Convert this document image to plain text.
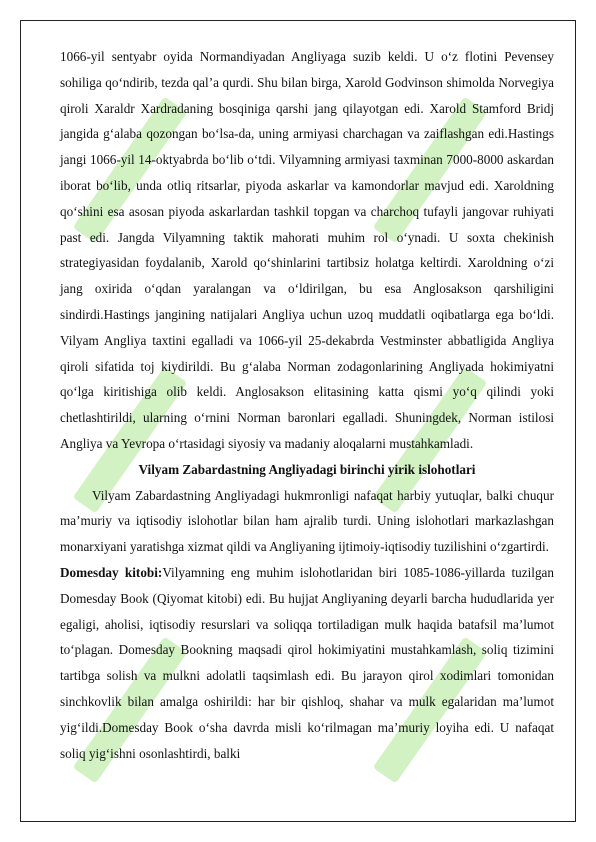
1066-yil sentyabr oyida Normandiyadan Angliyaga suzib keldi. U o‘z flotini Pevensey sohiliga qo‘ndirib, tezda qal’a qurdi. Shu bilan birga, Xarold Godvinson shimolda Norvegiya qiroli Xaraldr Xardradaning bosqiniga qarshi jang qilayotgan edi. Xarold Stamford Bridj jangida g‘alaba qozongan bo‘lsa-da, uning armiyasi charchagan va zaiflashgan edi.Hastings jangi 1066-yil 14-oktyabrda bo‘lib o‘tdi. Vilyamning armiyasi taxminan 7000-8000 askardan iborat bo‘lib, unda otliq ritsarlar, piyoda askarlar va kamondorlar mavjud edi. Xaroldning qo‘shini esa asosan piyoda askarlardan tashkil topgan va charchoq tufayli jangovar ruhiyati past edi. Jangda Vilyamning taktik mahorati muhim rol o‘ynadi. U soxta chekinish strategiyasidan foydalanib, Xarold qo‘shinlarini tartibsiz holatga keltirdi. Xaroldning o‘zi jang oxirida o‘qdan yaralangan va o‘ldirilgan, bu esa Anglosakson qarshiligini sindirdi.Hastings jangining natijalari Angliya uchun uzoq muddatli oqibatlarga ega bo‘ldi. Vilyam Angliya taxtini egalladi va 1066-yil 25-dekabrda Vestminster abbatligida Angliya qiroli sifatida toj kiydirildi. Bu g‘alaba Norman zodagonlarining Angliyada hokimiyatni qo‘lga kiritishiga olib keldi. Anglosakson elitasining katta qismi yo‘q qilindi yoki chetlashtirildi, ularning o‘rnini Norman baronlari egalladi. Shuningdek, Norman istilosi Angliya va Yevropa o‘rtasidagi siyosiy va madaniy aloqalarni mustahkamladi.

Vilyam Zabardastning Angliyadagi birinchi yirik islohotlari

Vilyam Zabardastning Angliyadagi hukmronligi nafaqat harbiy yutuqlar, balki chuqur ma’muriy va iqtisodiy islohotlar bilan ham ajralib turdi. Uning islohotlari markazlashgan monarxiyani yaratishga xizmat qildi va Angliyaning ijtimoiy-iqtisodiy tuzilishini o‘zgartirdi.

Domesday kitobi:Vilyamning eng muhim islohotlaridan biri 1085-1086-yillarda tuzilgan Domesday Book (Qiyomat kitobi) edi. Bu hujjat Angliyaning deyarli barcha hududlarida yer egaligi, aholisi, iqtisodiy resurslari va soliqqa tortiladigan mulk haqida batafsil ma’lumot to‘plagan. Domesday Bookning maqsadi qirol hokimiyatini mustahkamlash, soliq tizimini tartibga solish va mulkni adolatli taqsimlash edi. Bu jarayon qirol xodimlari tomonidan sinchkovlik bilan amalga oshirildi: har bir qishloq, shahar va mulk egalaridan ma’lumot yig‘ildi.Domesday Book o‘sha davrda misli ko‘rilmagan ma’muriy loyiha edi. U nafaqat soliq yig‘ishni osonlashtirdi, balki
